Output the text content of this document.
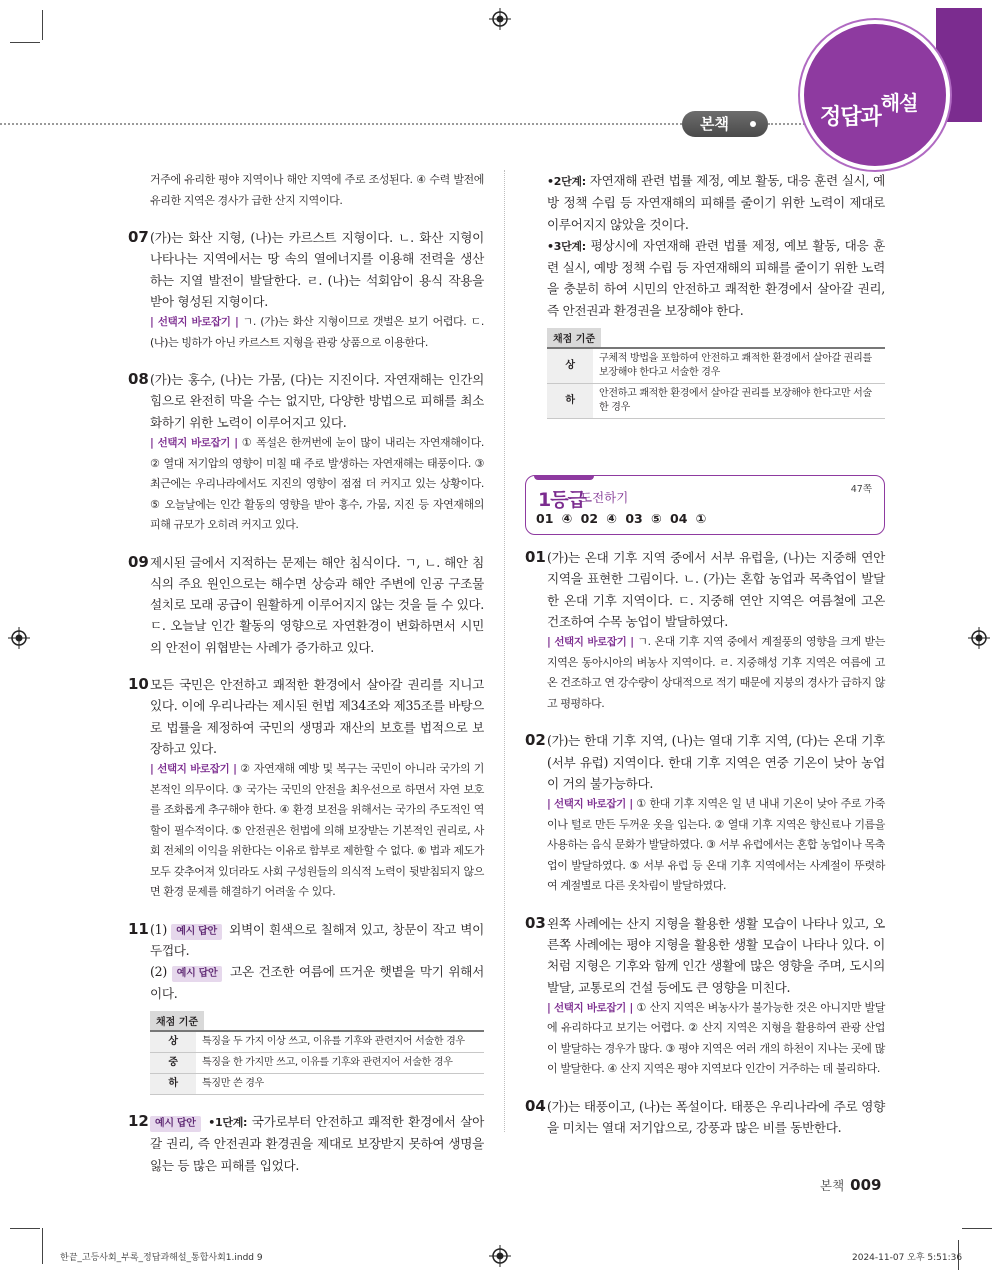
본책	정답과해설
거주에 유리한 평야 지역이나 해안 지역에 주로 조성된다. ④ 수력 발전에 유리한 지역은 경사가 급한 산지 지역이다.
07 (가)는 화산 지형, (나)는 카르스트 지형이다. ㄴ. 화산 지형이 나타나는 지역에서는 땅 속의 열에너지를 이용해 전력을 생산하는 지열 발전이 발달한다. ㄹ. (나)는 석회암이 용식 작용을 받아 형성된 지형이다.
| 선택지 바로잡기 | ㄱ. (가)는 화산 지형이므로 갯벌은 보기 어렵다. ㄷ. (나)는 빙하가 아닌 카르스트 지형을 관광 상품으로 이용한다.
08 (가)는 홍수, (나)는 가뭄, (다)는 지진이다. 자연재해는 인간의 힘으로 완전히 막을 수는 없지만, 다양한 방법으로 피해를 최소화하기 위한 노력이 이루어지고 있다.
| 선택지 바로잡기 | ① 폭설은 한꺼번에 눈이 많이 내리는 자연재해이다. ② 열대 저기압의 영향이 미칠 때 주로 발생하는 자연재해는 태풍이다. ③ 최근에는 우리나라에서도 지진의 영향이 점점 더 커지고 있는 상황이다. ⑤ 오늘날에는 인간 활동의 영향을 받아 홍수, 가뭄, 지진 등 자연재해의 피해 규모가 오히려 커지고 있다.
09 제시된 글에서 지적하는 문제는 해안 침식이다. ㄱ, ㄴ. 해안 침식의 주요 원인으로는 해수면 상승과 해안 주변에 인공 구조물 설치로 모래 공급이 원활하게 이루어지지 않는 것을 들 수 있다. ㄷ. 오늘날 인간 활동의 영향으로 자연환경이 변화하면서 시민의 안전이 위협받는 사례가 증가하고 있다.
10 모든 국민은 안전하고 쾌적한 환경에서 살아갈 권리를 지니고 있다. 이에 우리나라는 제시된 헌법 제34조와 제35조를 바탕으로 법률을 제정하여 국민의 생명과 재산의 보호를 법적으로 보장하고 있다.
| 선택지 바로잡기 | ② 자연재해 예방 및 복구는 국민이 아니라 국가의 기본적인 의무이다. ③ 국가는 국민의 안전을 최우선으로 하면서 자연 보호를 조화롭게 추구해야 한다. ④ 환경 보전을 위해서는 국가의 주도적인 역할이 필수적이다. ⑤ 안전권은 헌법에 의해 보장받는 기본적인 권리로, 사회 전체의 이익을 위한다는 이유로 함부로 제한할 수 없다. ⑥ 법과 제도가 모두 갖추어져 있더라도 사회 구성원들의 의식적 노력이 뒷받침되지 않으면 환경 문제를 해결하기 어려울 수 있다.
11 (1) 예시 답안 외벽이 흰색으로 칠해져 있고, 창문이 작고 벽이 두껍다.
(2) 예시 답안 고온 건조한 여름에 뜨거운 햇볕을 막기 위해서이다.
채점 기준
상	특징을 두 가지 이상 쓰고, 이유를 기후와 관련지어 서술한 경우
중	특징을 한 가지만 쓰고, 이유를 기후와 관련지어 서술한 경우
하	특징만 쓴 경우
12 예시 답안 •1단계: 국가로부터 안전하고 쾌적한 환경에서 살아갈 권리, 즉 안전권과 환경권을 제대로 보장받지 못하여 생명을 잃는 등 많은 피해를 입었다.
•2단계: 자연재해 관련 법률 제정, 예보 활동, 대응 훈련 실시, 예방 정책 수립 등 자연재해의 피해를 줄이기 위한 노력이 제대로 이루어지지 않았을 것이다.
•3단계: 평상시에 자연재해 관련 법률 제정, 예보 활동, 대응 훈련 실시, 예방 정책 수립 등 자연재해의 피해를 줄이기 위한 노력을 충분히 하여 시민의 안전하고 쾌적한 환경에서 살아갈 권리, 즉 안전권과 환경권을 보장해야 한다.
채점 기준
상	구체적 방법을 포함하여 안전하고 쾌적한 환경에서 살아갈 권리를 보장해야 한다고 서술한 경우
하	안전하고 쾌적한 환경에서 살아갈 권리를 보장해야 한다고만 서술한 경우
1등급
도전하기
47쪽
01 ④ 02 ④ 03 ⑤ 04 ①
01 (가)는 온대 기후 지역 중에서 서부 유럽을, (나)는 지중해 연안 지역을 표현한 그림이다. ㄴ. (가)는 혼합 농업과 목축업이 발달한 온대 기후 지역이다. ㄷ. 지중해 연안 지역은 여름철에 고온 건조하여 수목 농업이 발달하였다.
| 선택지 바로잡기 | ㄱ. 온대 기후 지역 중에서 계절풍의 영향을 크게 받는 지역은 동아시아의 벼농사 지역이다. ㄹ. 지중해성 기후 지역은 여름에 고온 건조하고 연 강수량이 상대적으로 적기 때문에 지붕의 경사가 급하지 않고 평평하다.
02 (가)는 한대 기후 지역, (나)는 열대 기후 지역, (다)는 온대 기후 (서부 유럽) 지역이다. 한대 기후 지역은 연중 기온이 낮아 농업이 거의 불가능하다.
| 선택지 바로잡기 | ① 한대 기후 지역은 일 년 내내 기온이 낮아 주로 가죽이나 털로 만든 두꺼운 옷을 입는다. ② 열대 기후 지역은 향신료나 기름을 사용하는 음식 문화가 발달하였다. ③ 서부 유럽에서는 혼합 농업이나 목축업이 발달하였다. ⑤ 서부 유럽 등 온대 기후 지역에서는 사계절이 뚜렷하여 계절별로 다른 옷차림이 발달하였다.
03 왼쪽 사례에는 산지 지형을 활용한 생활 모습이 나타나 있고, 오른쪽 사례에는 평야 지형을 활용한 생활 모습이 나타나 있다. 이처럼 지형은 기후와 함께 인간 생활에 많은 영향을 주며, 도시의 발달, 교통로의 건설 등에도 큰 영향을 미친다.
| 선택지 바로잡기 | ① 산지 지역은 벼농사가 불가능한 것은 아니지만 발달에 유리하다고 보기는 어렵다. ② 산지 지역은 지형을 활용하여 관광 산업이 발달하는 경우가 많다. ③ 평야 지역은 여러 개의 하천이 지나는 곳에 많이 발달한다. ④ 산지 지역은 평야 지역보다 인간이 거주하는 데 불리하다.
04 (가)는 태풍이고, (나)는 폭설이다. 태풍은 우리나라에 주로 영향을 미치는 열대 저기압으로, 강풍과 많은 비를 동반한다.
본책 009
한끝_고등사회_부록_정답과해설_통합사회1.indd 9	2024-11-07 오후 5:51:36
